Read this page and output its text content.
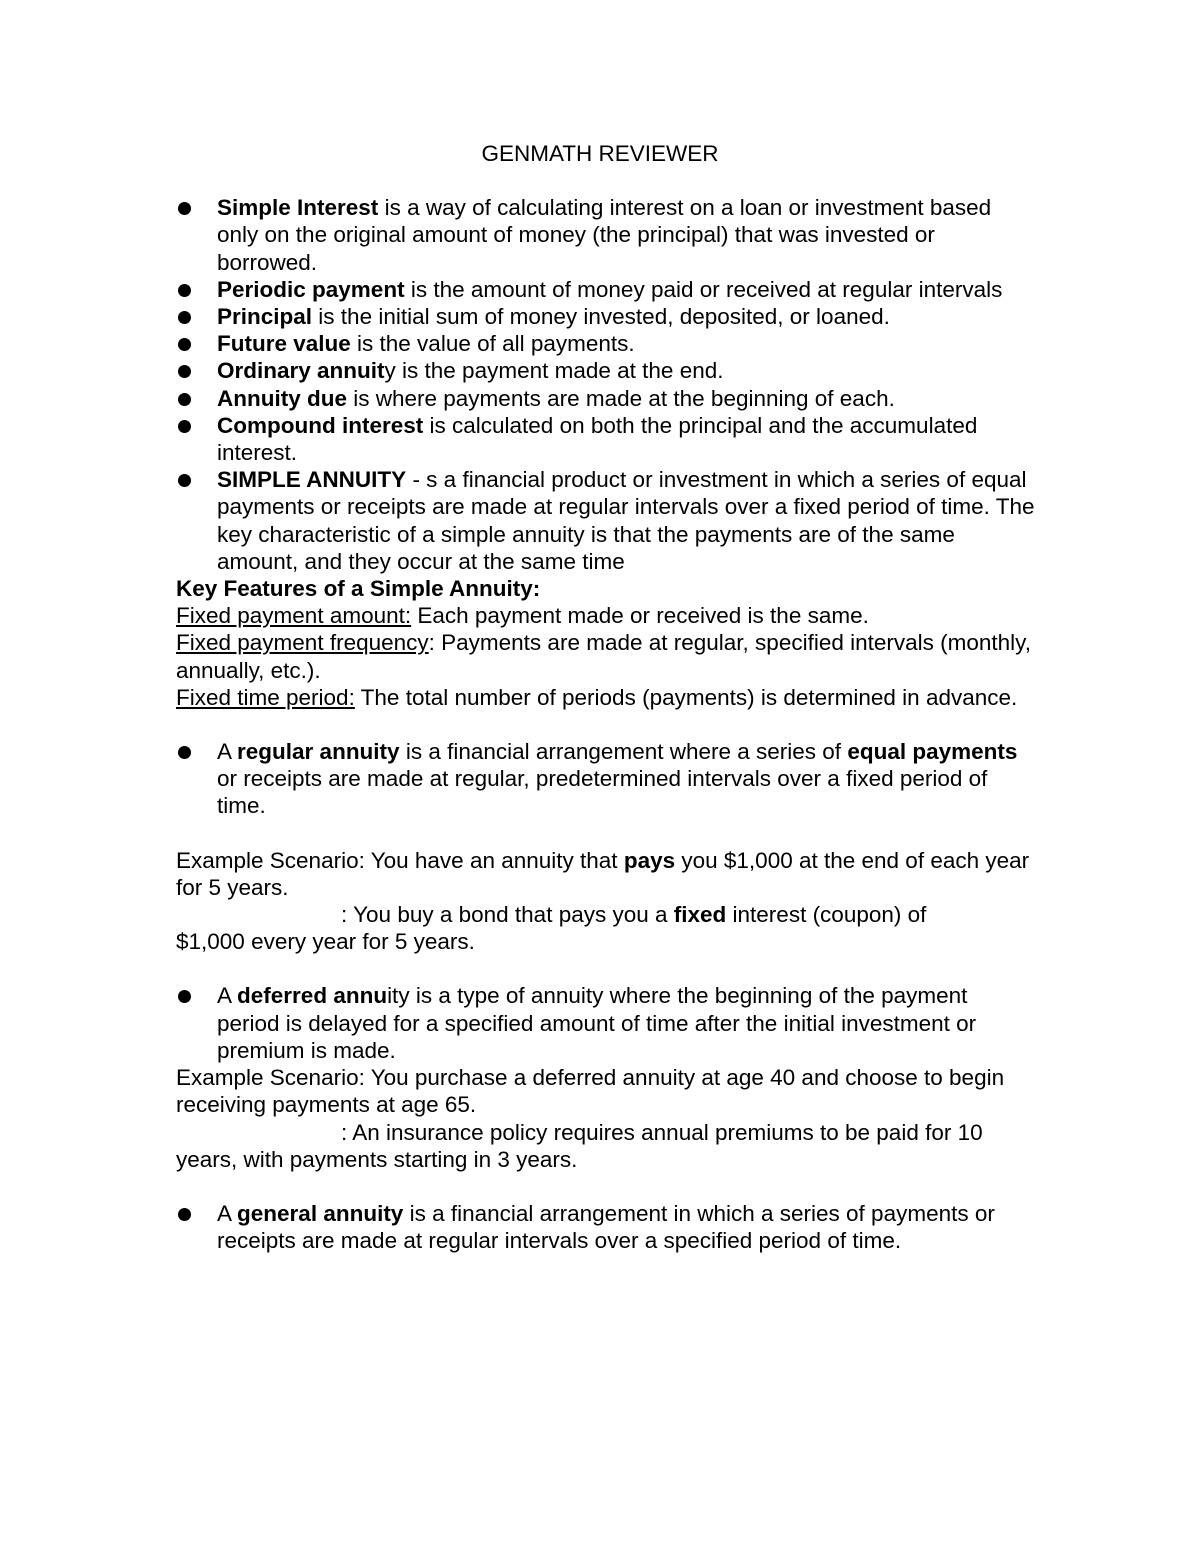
GENMATH REVIEWER
Simple Interest is a way of calculating interest on a loan or investment based only on the original amount of money (the principal) that was invested or borrowed.
Periodic payment is the amount of money paid or received at regular intervals
Principal is the initial sum of money invested, deposited, or loaned.
Future value is the value of all payments.
Ordinary annuity is the payment made at the end.
Annuity due is where payments are made at the beginning of each.
Compound interest is calculated on both the principal and the accumulated interest.
SIMPLE ANNUITY - s a financial product or investment in which a series of equal payments or receipts are made at regular intervals over a fixed period of time. The key characteristic of a simple annuity is that the payments are of the same amount, and they occur at the same time
Key Features of a Simple Annuity:
Fixed payment amount: Each payment made or received is the same.
Fixed payment frequency: Payments are made at regular, specified intervals (monthly, annually, etc.).
Fixed time period: The total number of periods (payments) is determined in advance.
A regular annuity is a financial arrangement where a series of equal payments or receipts are made at regular, predetermined intervals over a fixed period of time.
Example Scenario: You have an annuity that pays you $1,000 at the end of each year for 5 years.
: You buy a bond that pays you a fixed interest (coupon) of
$1,000 every year for 5 years.
A deferred annuity is a type of annuity where the beginning of the payment period is delayed for a specified amount of time after the initial investment or premium is made.
Example Scenario: You purchase a deferred annuity at age 40 and choose to begin receiving payments at age 65.
: An insurance policy requires annual premiums to be paid for 10
years, with payments starting in 3 years.
A general annuity is a financial arrangement in which a series of payments or receipts are made at regular intervals over a specified period of time.
